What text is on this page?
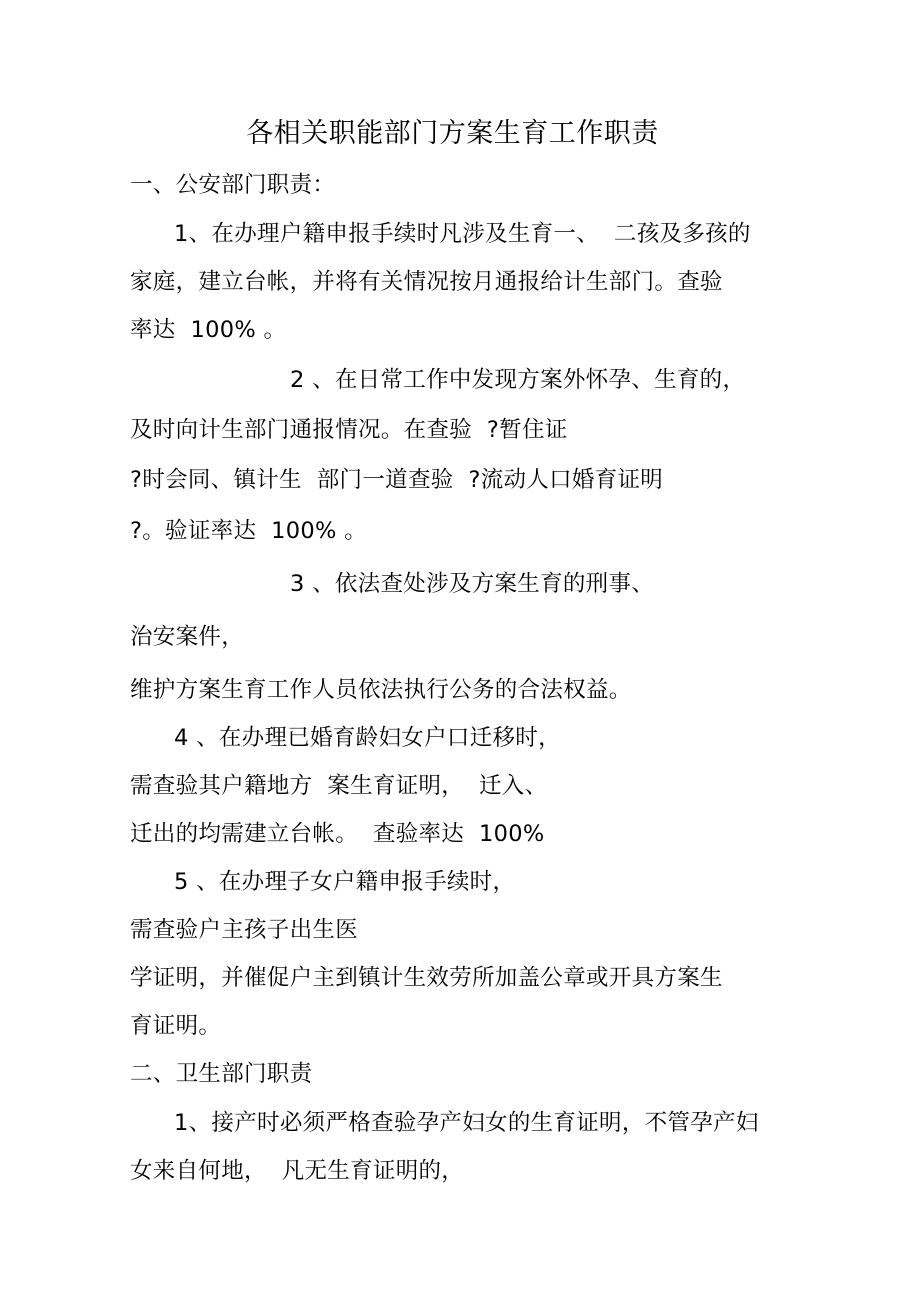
各相关职能部门方案生育工作职责
一、公安部门职责：
1、在办理户籍申报手续时凡涉及生育一、  二孩及多孩的
家庭，建立台帐，并将有关情况按月通报给计生部门。查验
率达  100% 。
2 、在日常工作中发现方案外怀孕、生育的，
及时向计生部门通报情况。在查验  ?暂住证
?时会同、镇计生  部门一道查验  ?流动人口婚育证明
?。验证率达  100% 。
3 、依法查处涉及方案生育的刑事、
治安案件，
维护方案生育工作人员依法执行公务的合法权益。
4 、在办理已婚育龄妇女户口迁移时，
需查验其户籍地方  案生育证明，  迁入、
迁出的均需建立台帐。  查验率达  100%
5 、在办理子女户籍申报手续时，
需查验户主孩子出生医
学证明，并催促户主到镇计生效劳所加盖公章或开具方案生
育证明。
二、卫生部门职责
1、接产时必须严格查验孕产妇女的生育证明，不管孕产妇
女来自何地，  凡无生育证明的，
